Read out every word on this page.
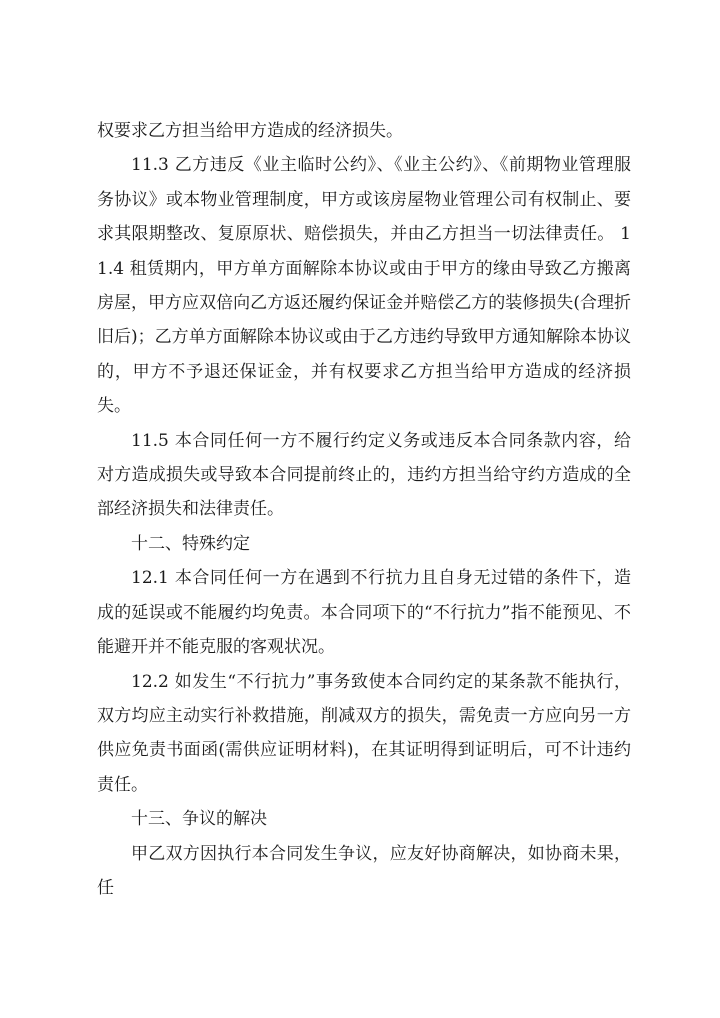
权要求乙方担当给甲方造成的经济损失。

11.3 乙方违反《业主临时公约》、《业主公约》、《前期物业管理服务协议》或本物业管理制度，甲方或该房屋物业管理公司有权制止、要求其限期整改、复原原状、赔偿损失，并由乙方担当一切法律责任。 11.4 租赁期内，甲方单方面解除本协议或由于甲方的缘由导致乙方搬离房屋，甲方应双倍向乙方返还履约保证金并赔偿乙方的装修损失(合理折旧后)；乙方单方面解除本协议或由于乙方违约导致甲方通知解除本协议的，甲方不予退还保证金，并有权要求乙方担当给甲方造成的经济损失。

11.5 本合同任何一方不履行约定义务或违反本合同条款内容，给对方造成损失或导致本合同提前终止的，违约方担当给守约方造成的全部经济损失和法律责任。

十二、特殊约定

12.1 本合同任何一方在遇到不行抗力且自身无过错的条件下，造成的延误或不能履约均免责。本合同项下的“不行抗力”指不能预见、不能避开并不能克服的客观状况。

12.2 如发生“不行抗力”事务致使本合同约定的某条款不能执行，双方均应主动实行补救措施，削减双方的损失，需免责一方应向另一方供应免责书面函(需供应证明材料)，在其证明得到证明后，可不计违约责任。

十三、争议的解决

甲乙双方因执行本合同发生争议，应友好协商解决，如协商未果，任
